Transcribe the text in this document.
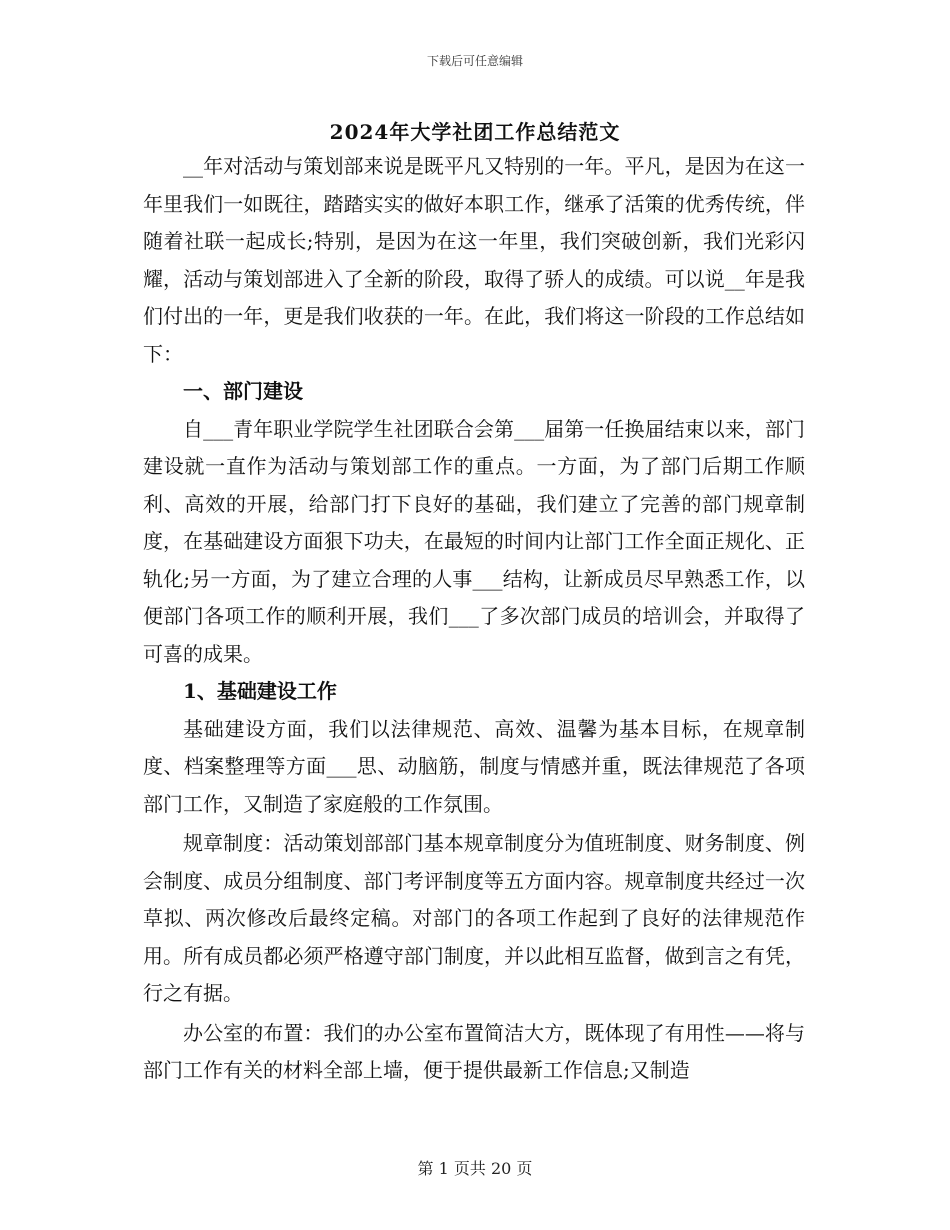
下载后可任意编辑
2024年大学社团工作总结范文

__年对活动与策划部来说是既平凡又特别的一年。平凡，是因为在这一年里我们一如既往，踏踏实实的做好本职工作，继承了活策的优秀传统，伴随着社联一起成长;特别，是因为在这一年里，我们突破创新，我们光彩闪耀，活动与策划部进入了全新的阶段，取得了骄人的成绩。可以说__年是我们付出的一年，更是我们收获的一年。在此，我们将这一阶段的工作总结如下：

一、部门建设

自___青年职业学院学生社团联合会第___届第一任换届结束以来，部门建设就一直作为活动与策划部工作的重点。一方面，为了部门后期工作顺利、高效的开展，给部门打下良好的基础，我们建立了完善的部门规章制度，在基础建设方面狠下功夫，在最短的时间内让部门工作全面正规化、正轨化;另一方面，为了建立合理的人事___结构，让新成员尽早熟悉工作，以便部门各项工作的顺利开展，我们___了多次部门成员的培训会，并取得了可喜的成果。

1、基础建设工作

基础建设方面，我们以法律规范、高效、温馨为基本目标，在规章制度、档案整理等方面___思、动脑筋，制度与情感并重，既法律规范了各项部门工作，又制造了家庭般的工作氛围。

规章制度：活动策划部部门基本规章制度分为值班制度、财务制度、例会制度、成员分组制度、部门考评制度等五方面内容。规章制度共经过一次草拟、两次修改后最终定稿。对部门的各项工作起到了良好的法律规范作用。所有成员都必须严格遵守部门制度，并以此相互监督，做到言之有凭，行之有据。

办公室的布置：我们的办公室布置简洁大方，既体现了有用性——将与部门工作有关的材料全部上墙，便于提供最新工作信息;又制造

第 1 页共 20 页
